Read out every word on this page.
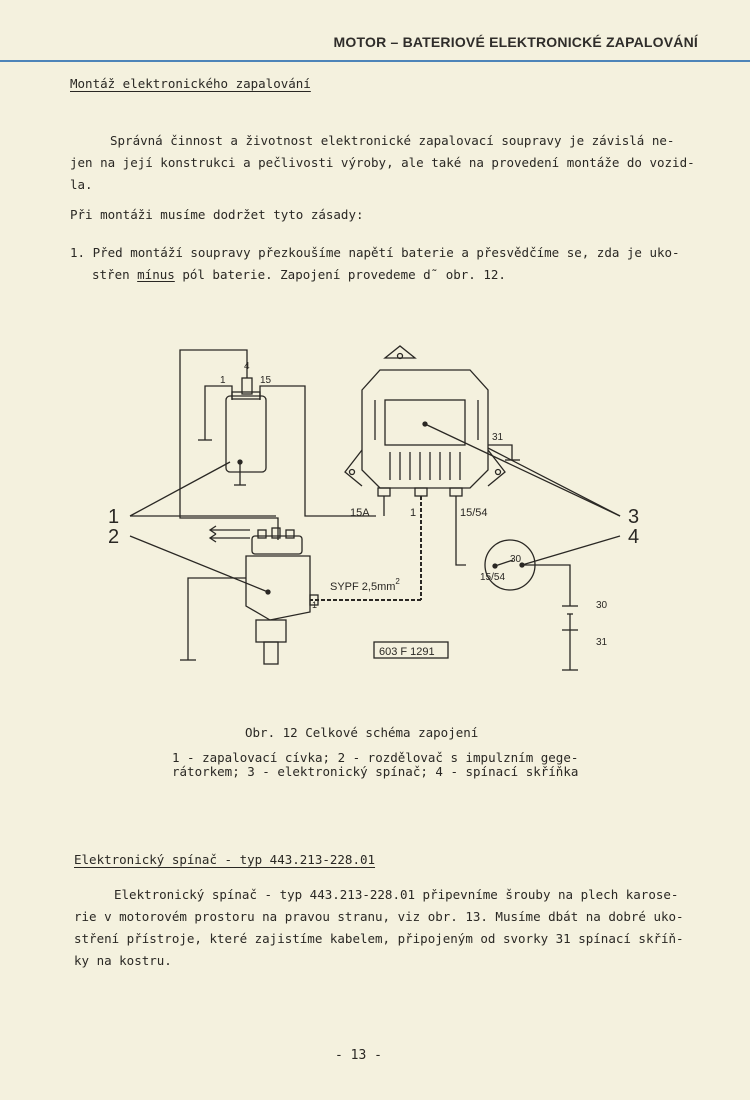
MOTOR – BATERIOVÉ ELEKTRONICKÉ ZAPALOVÁNÍ
Montáž elektronického zapalování
Správná činnost a životnost elektronické zapalovací soupravy je závislá ne-
jen na její konstrukci a pečlivosti výroby, ale také na provedení montáže do vozid-
la.
Při montáži musíme dodržet tyto zásady:
1. Před montáží soupravy přezkoušíme napětí baterie a přesvědčíme se, zda je uko-
střen mínus pól baterie. Zapojení provedeme d˜ obr. 12.
1
4
15
31
15A	1	15/54
30
15/54
30
31
SYPF $2,5mm^2$
1
1
2
3
4
603 F 1291
Obr. 12 Celkové schéma zapojení
1 - zapalovací cívka; 2 - rozdělovač s impulzním gege-
rátorkem; 3 - elektronický spínač; 4 - spínací skříňka
Elektronický spínač - typ 443.213-228.01
Elektronický spínač - typ 443.213-228.01 připevníme šrouby na plech karose-
rie v motorovém prostoru na pravou stranu, viz obr. 13. Musíme dbát na dobré uko-
stření přístroje, které zajistíme kabelem, připojeným od svorky 31 spínací skříň-
ky na kostru.
- 13 -
